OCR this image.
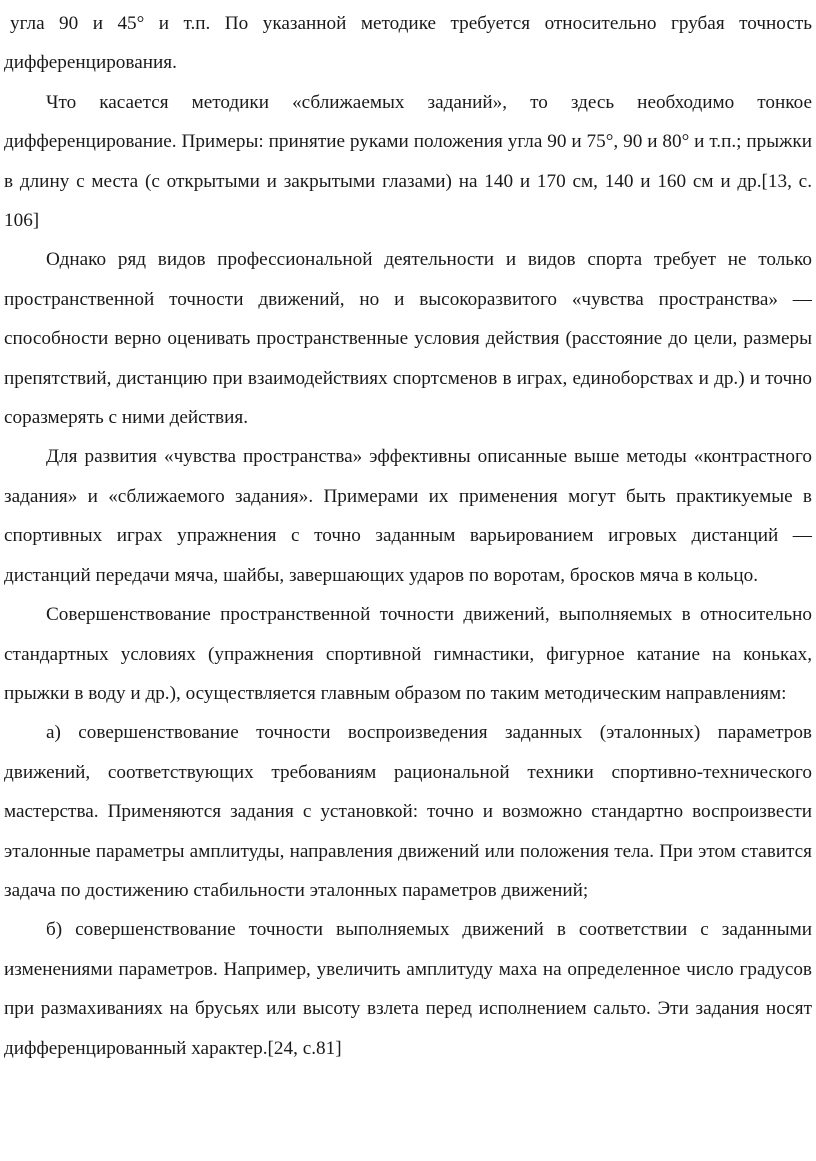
угла 90 и 45° и т.п. По указанной методике требуется относительно грубая точность дифференцирования.

Что касается методики «сближаемых заданий», то здесь необходимо тонкое дифференцирование. Примеры: принятие руками положения угла 90 и 75°, 90 и 80° и т.п.; прыжки в длину с места (с открытыми и закрытыми глазами) на 140 и 170 см, 140 и 160 см и др.[13, с. 106]

Однако ряд видов профессиональной деятельности и видов спорта требует не только пространственной точности движений, но и высокоразвитого «чувства пространства» — способности верно оценивать пространственные условия действия (расстояние до цели, размеры препятствий, дистанцию при взаимодействиях спортсменов в играх, единоборствах и др.) и точно соразмерять с ними действия.

Для развития «чувства пространства» эффективны описанные выше методы «контрастного задания» и «сближаемого задания». Примерами их применения могут быть практикуемые в спортивных играх упражнения с точно заданным варьированием игровых дистанций — дистанций передачи мяча, шайбы, завершающих ударов по воротам, бросков мяча в кольцо.

Совершенствование пространственной точности движений, выполняемых в относительно стандартных условиях (упражнения спортивной гимнастики, фигурное катание на коньках, прыжки в воду и др.), осуществляется главным образом по таким методическим направлениям:

а) совершенствование точности воспроизведения заданных (эталонных) параметров движений, соответствующих требованиям рациональной техники спортивно-технического мастерства. Применяются задания с установкой: точно и возможно стандартно воспроизвести эталонные параметры амплитуды, направления движений или положения тела. При этом ставится задача по достижению стабильности эталонных параметров движений;

б) совершенствование точности выполняемых движений в соответствии с заданными изменениями параметров. Например, увеличить амплитуду маха на определенное число градусов при размахиваниях на брусьях или высоту взлета перед исполнением сальто. Эти задания носят дифференцированный характер.[24, с.81]
